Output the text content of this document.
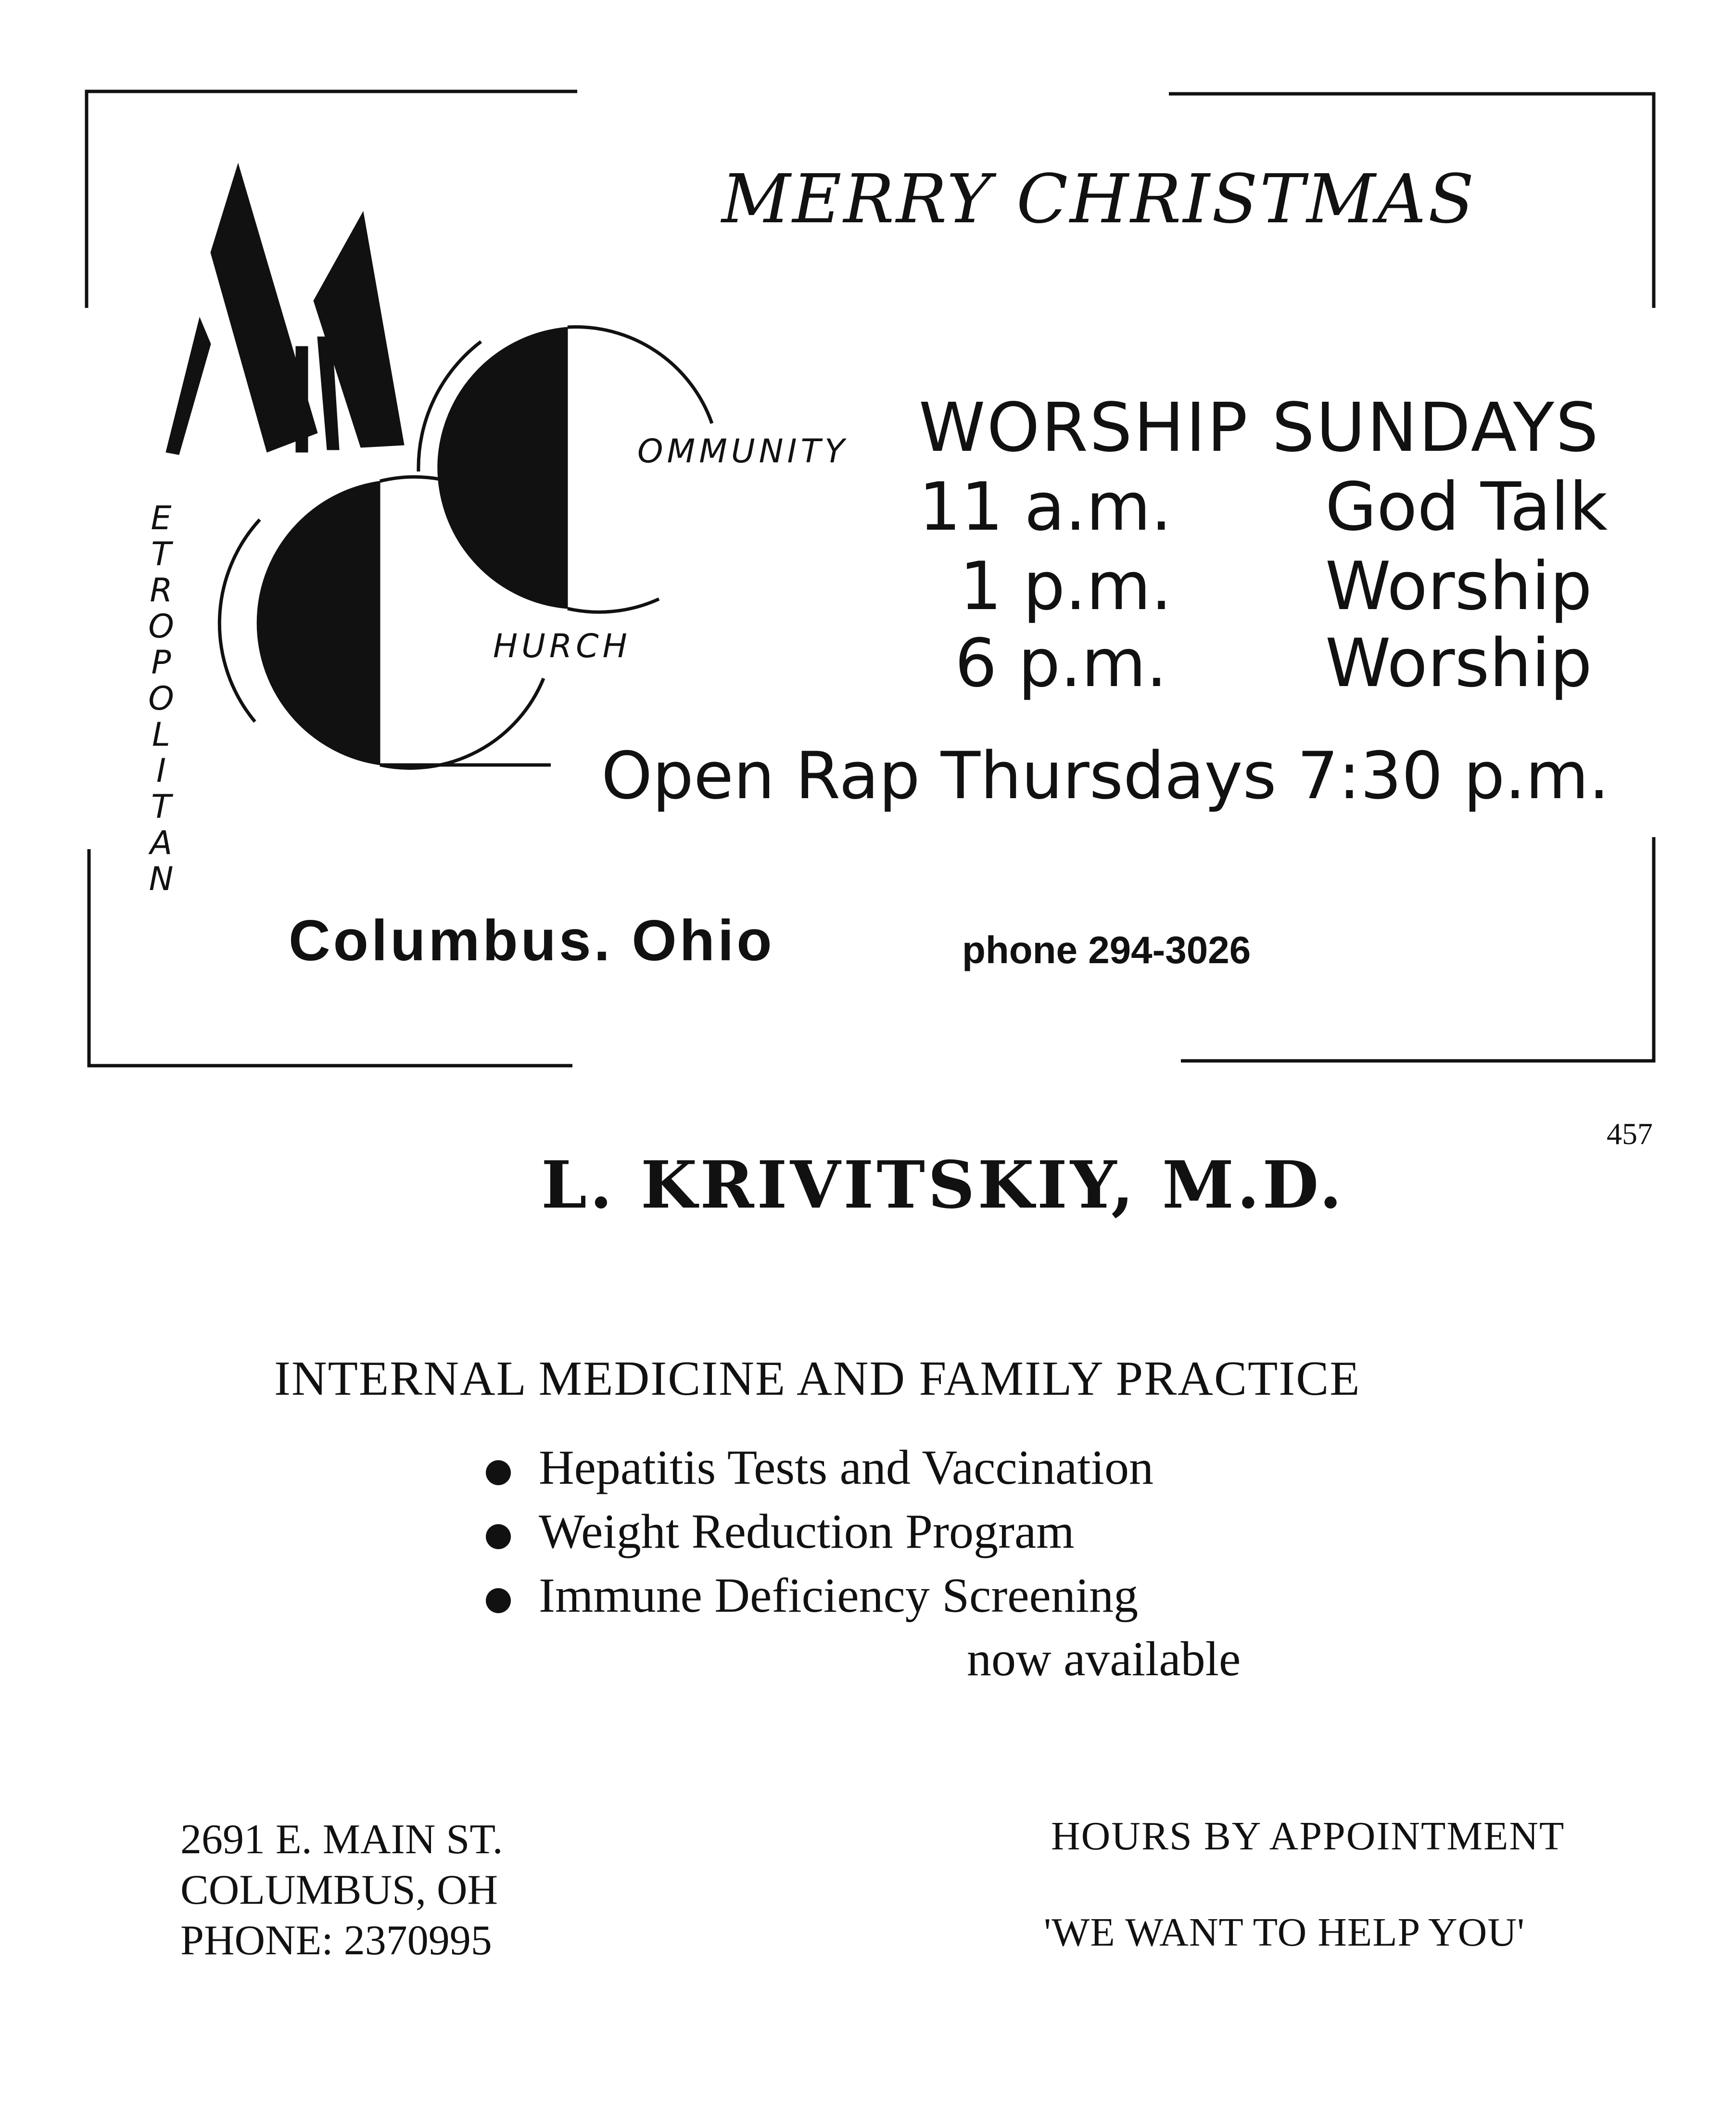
E T R O P O L I T A N
OMMUNITY
HURCH
MERRY CHRISTMAS
WORSHIP SUNDAYS
11 a.m. God Talk
1 p.m. Worship
6 p.m. Worship
Open Rap Thursdays 7:30 p.m.
Columbus. Ohio	phone 294-3026
457
L. KRIVITSKIY, M.D.
INTERNAL MEDICINE AND FAMILY PRACTICE
Hepatitis Tests and Vaccination
Weight Reduction Program
Immune Deficiency Screening
now available
2691 E. MAIN ST.
COLUMBUS, OH
PHONE: 2370995
HOURS BY APPOINTMENT
'WE WANT TO HELP YOU'
